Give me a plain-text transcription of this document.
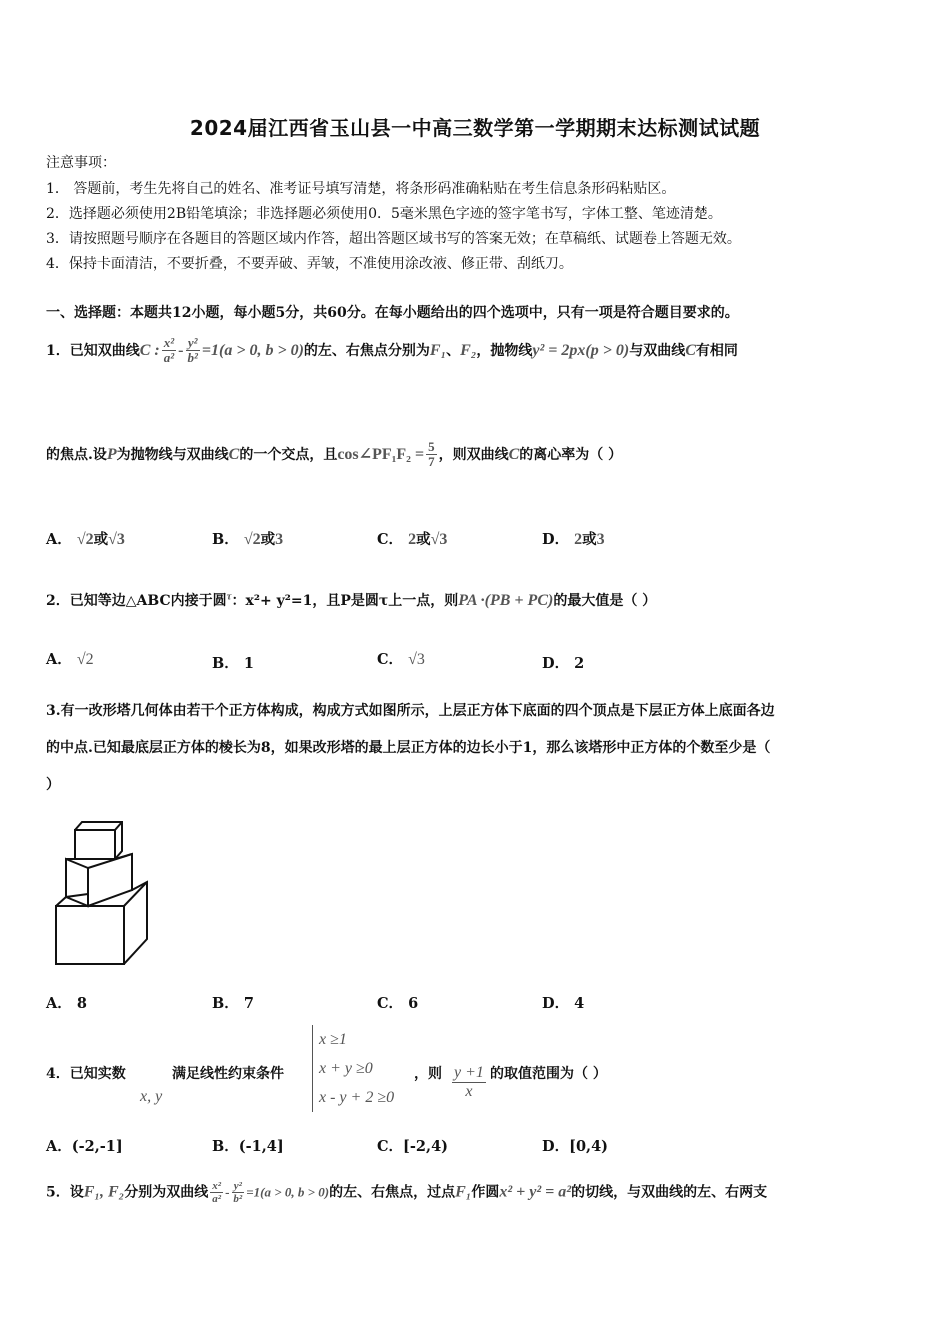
2024届江西省玉山县一中高三数学第一学期期末达标测试试题
注意事项：
1． 答题前，考生先将自己的姓名、准考证号填写清楚，将条形码准确粘贴在考生信息条形码粘贴区。
2．选择题必须使用2B铅笔填涂；非选择题必须使用0．5毫米黑色字迹的签字笔书写，字体工整、笔迹清楚。
3．请按照题号顺序在各题目的答题区域内作答，超出答题区域书写的答案无效；在草稿纸、试题卷上答题无效。
4．保持卡面清洁，不要折叠，不要弄破、弄皱，不准使用涂改液、修正带、刮纸刀。
一、选择题：本题共12小题，每小题5分，共60分。在每小题给出的四个选项中，只有一项是符合题目要求的。
1．已知双曲线C : $\frac{\text{x²}}{\text{a²}} - \frac{\text{y²}}{\text{b²}} =1(a > 0$, b > 0)的左、右焦点分别为F₁、F₂，抛物线y² = 2px(p > 0)与双曲线C有相同
的焦点.设P为抛物线与双曲线C的一个交点，且cos∠PF₁F₂ = $\frac{5}{7}$ ，则双曲线C的离心率为（ ）
A． √2或√3	B． √2或3	C． 2或√3	D． 2或3
2．已知等边△ABC内接于圆$^\tau$：x²+ y²=1，且P是圆τ上一点，则PA ·(PB + PC)的最大值是（ ）
A． √2	B． 1	C． √3	D． 2
3.有一改形塔几何体由若干个正方体构成，构成方式如图所示，上层正方体下底面的四个顶点是下层正方体上底面各边
的中点.已知最底层正方体的棱长为8，如果改形塔的最上层正方体的边长小于1，那么该塔形中正方体的个数至少是（
）
A． 8	B． 7	C． 6	D． 4
4．已知实数
x, y
满足线性约束条件
x ≥1
x + y ≥0
x - y + 2 ≥0
，则 $\frac{y +1}{x}$ 的取值范围为（ ）
A．(-2,-1]	B．(-1,4]	C．[-2,4)	D．[0,4)
5．设F₁, F₂分别为双曲线 $\frac{\text{x²}}{\text{a²}} - \frac{\text{y²}}{\text{b²}} =1(a > 0$, b > 0)的左、右焦点，过点F₁作圆x² + y² = a²的切线，与双曲线的左、右两支
